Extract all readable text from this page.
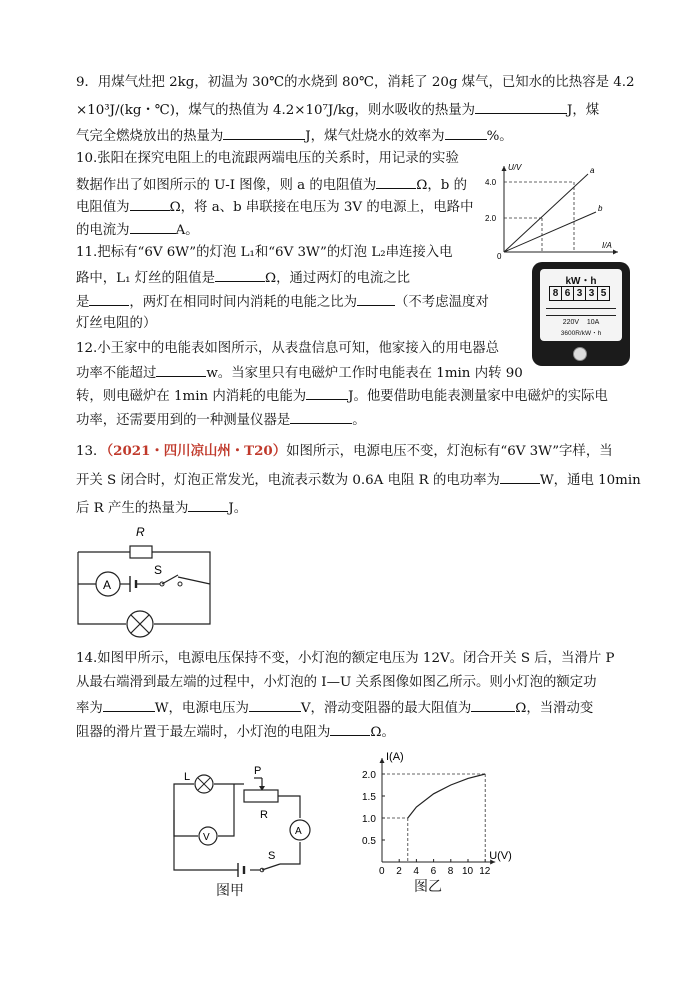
9．用煤气灶把 2kg，初温为 30℃的水烧到 80℃，消耗了 20g 煤气，已知水的比热容是 4.2
×10³J/(kg・℃)，煤气的热值为 4.2×10⁷J/kg，则水吸收的热量为	J，煤
气完全燃烧放出的热量为	J，煤气灶烧水的效率为	%。
10.张阳在探究电阻上的电流跟两端电压的关系时，用记录的实验
数据作出了如图所示的 U-I 图像，则 a 的电阻值为	Ω，b 的
电阻值为	Ω，将 a、b 串联接在电压为 3V 的电源上，电路中
的电流为	A。
11.把标有“6V 6W”的灯泡 L₁和“6V 3W”的灯泡 L₂串连接入电
路中，L₁ 灯丝的阻值是	Ω，通过两灯的电流之比
是	，两灯在相同时间内消耗的电能之比为	（不考虑温度对
灯丝电阻的）
12.小王家中的电能表如图所示，从表盘信息可知，他家接入的用电器总
功率不能超过	w。当家里只有电磁炉工作时电能表在 1min 内转 90
转，则电磁炉在 1min 内消耗的电能为	J。他要借助电能表测量家中电磁炉的实际电
功率，还需要用到的一种测量仪器是	。
13．（2021・四川凉山州・T20）如图所示，电源电压不变，灯泡标有“6V 3W”字样，当
开关 S 闭合时，灯泡正常发光，电流表示数为 0.6A 电阻 R 的电功率为	W，通电 10min
后 R 产生的热量为	J。
14.如图甲所示，电源电压保持不变，小灯泡的额定电压为 12V。闭合开关 S 后，当滑片 P
从最右端滑到最左端的过程中，小灯泡的 I—U 关系图像如图乙所示。则小灯泡的额定功
率为	W，电源电压为	V，滑动变阻器的最大阻值为	Ω，当滑动变
阻器的滑片置于最左端时，小灯泡的电阻为	Ω。
U/V
I/A
0
4.0
2.0
a
b
kW・h
8 6 3 3 5
220V    10A
3600R/kW・h
R
A
S
P
R
L
V
A
S
图甲
I(A)
U(V)
0 2 4 6 8 10 12
0.5
1.0
1.5
2.0
图乙
